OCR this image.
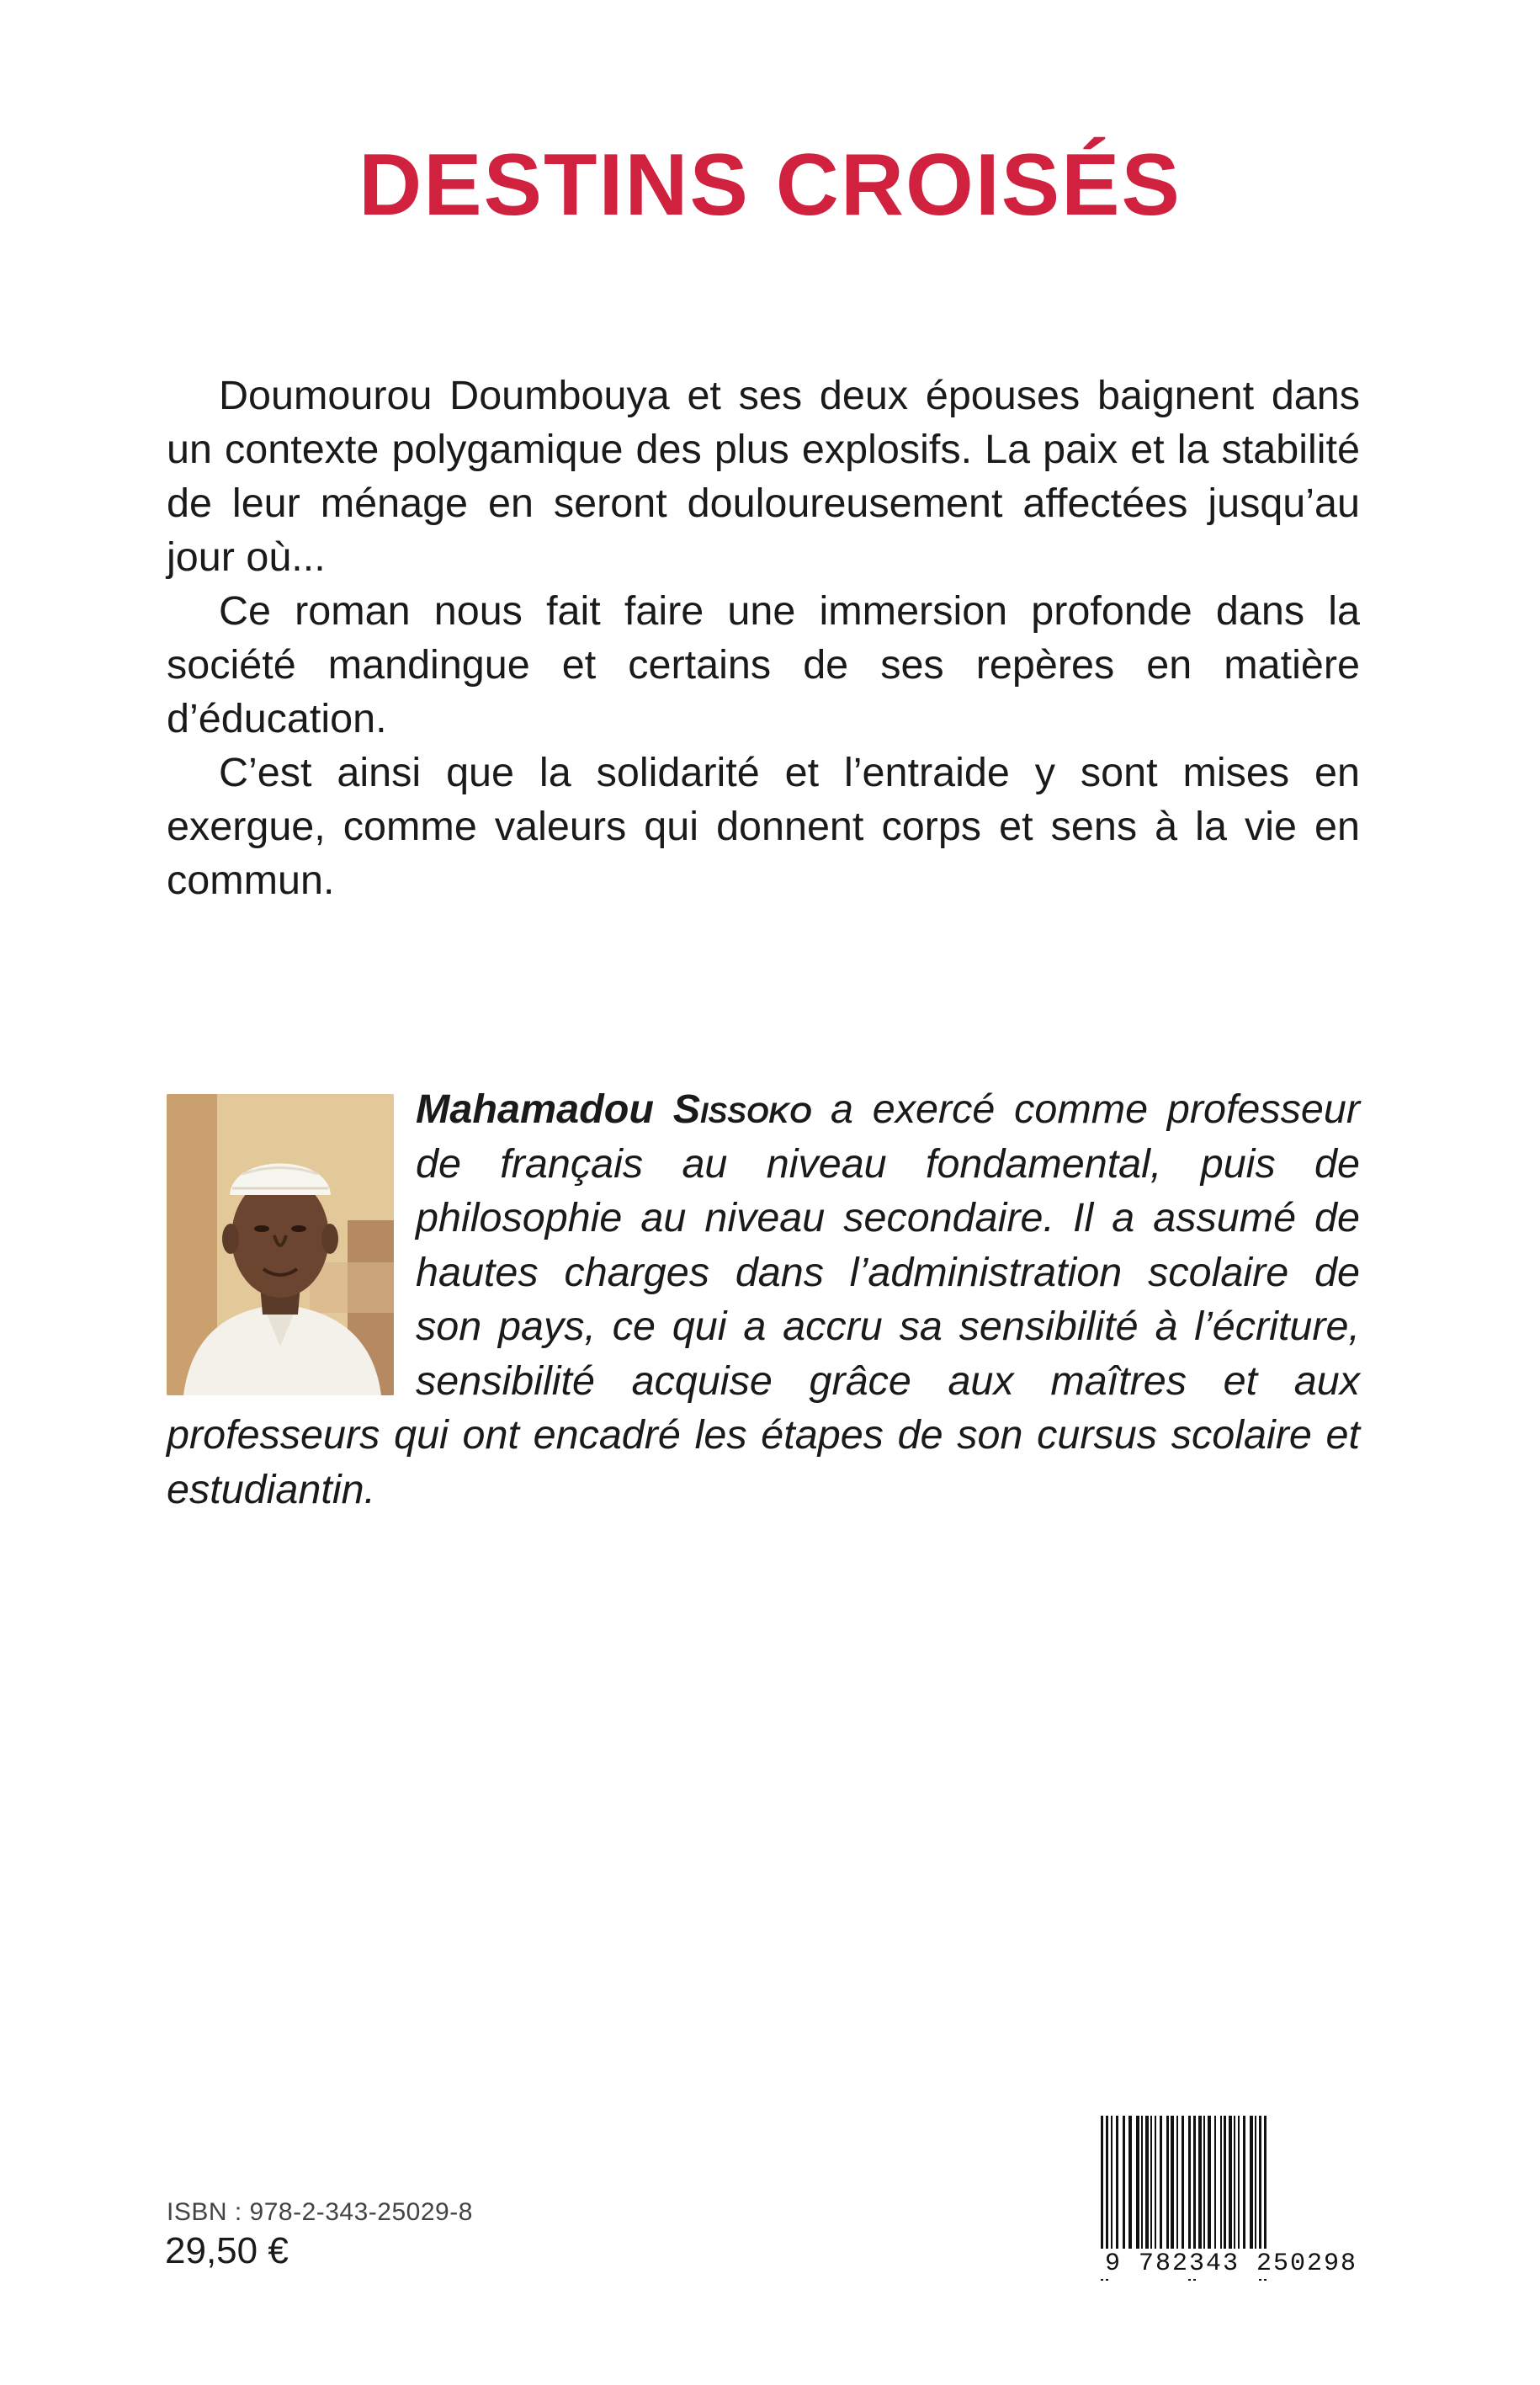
DESTINS CROISÉS

Doumourou Doumbouya et ses deux épouses baignent dans un contexte polygamique des plus explosifs. La paix et la stabilité de leur ménage en seront douloureusement affectées jusqu’au jour où...

Ce roman nous fait faire une immersion profonde dans la société mandingue et certains de ses repères en matière d’éducation.

C’est ainsi que la solidarité et l’entraide y sont mises en exergue, comme valeurs qui donnent corps et sens à la vie en commun.

Mahamadou Sissoko a exercé comme professeur de français au niveau fondamental, puis de philosophie au niveau secondaire. Il a assumé de hautes charges dans l’administration scolaire de son pays, ce qui a accru sa sensibilité à l’écriture, sensibilité acquise grâce aux maîtres et aux professeurs qui ont encadré les étapes de son cursus scolaire et estudiantin.

ISBN : 978-2-343-25029-8
29,50 €	9 782343 250298
